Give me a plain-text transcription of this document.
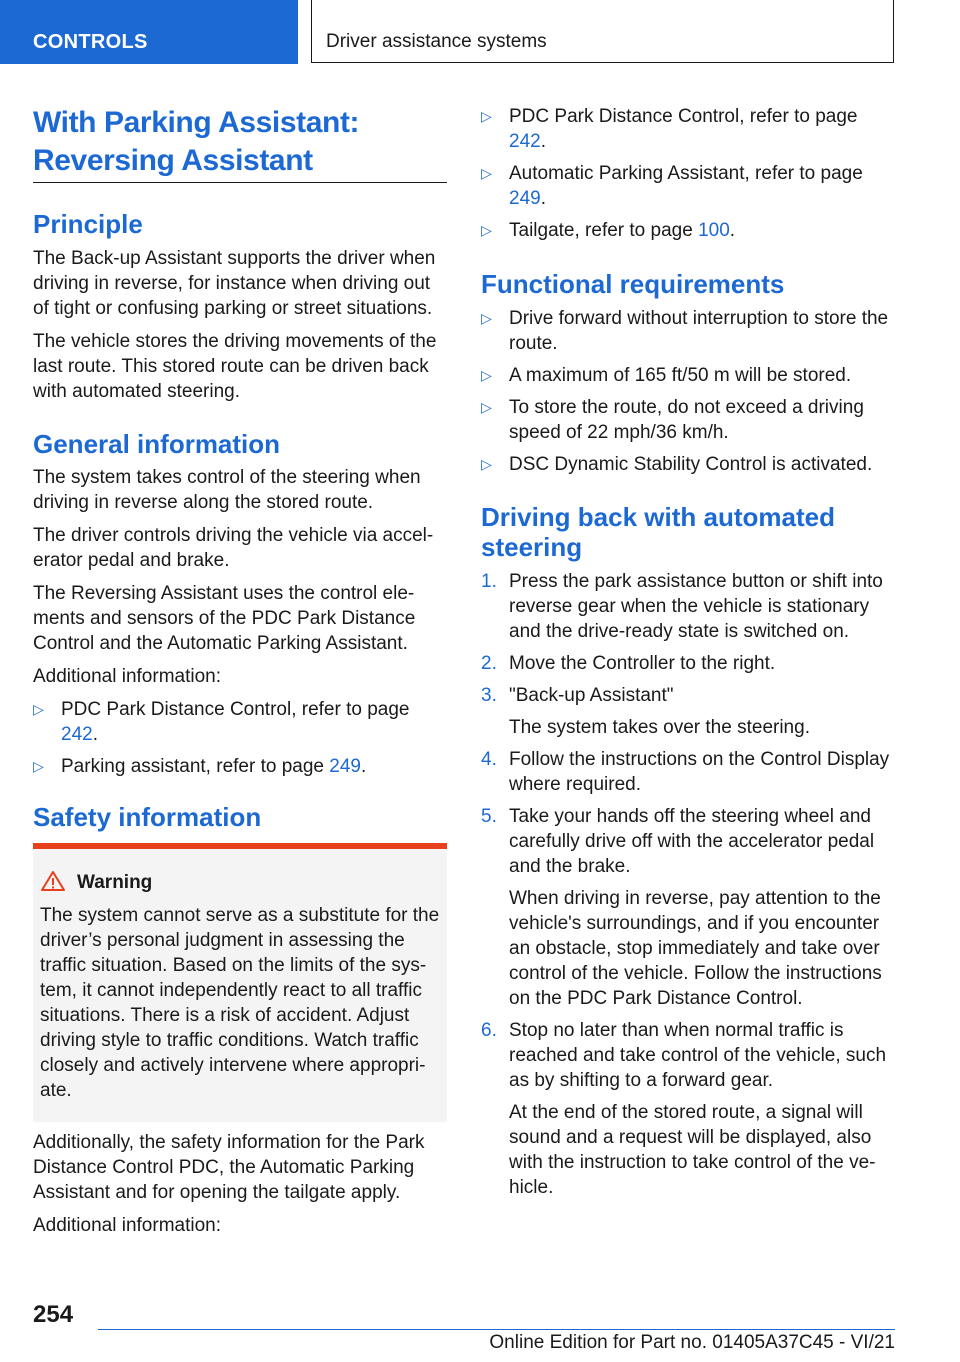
CONTROLS	Driver assistance systems
With Parking Assistant: Reversing Assistant
Principle

The Back-up Assistant supports the driver when driving in reverse, for instance when driving out of tight or confusing parking or street situations.

The vehicle stores the driving movements of the last route. This stored route can be driven back with automated steering.

General information

The system takes control of the steering when driving in reverse along the stored route.

The driver controls driving the vehicle via accelerator pedal and brake.

The Reversing Assistant uses the control elements and sensors of the PDC Park Distance Control and the Automatic Parking Assistant.

Additional information:

▷ PDC Park Distance Control, refer to page 242.
▷ Parking assistant, refer to page 249.
Safety information
Warning
The system cannot serve as a substitute for the driver’s personal judgment in assessing the traffic situation. Based on the limits of the system, it cannot independently react to all traffic situations. There is a risk of accident. Adjust driving style to traffic conditions. Watch traffic closely and actively intervene where appropriate.

Additionally, the safety information for the Park Distance Control PDC, the Automatic Parking Assistant and for opening the tailgate apply.

Additional information:

▷ PDC Park Distance Control, refer to page 242.
▷ Automatic Parking Assistant, refer to page 249.
▷ Tailgate, refer to page 100.
Functional requirements
▷ Drive forward without interruption to store the route.
▷ A maximum of 165 ft/50 m will be stored.
▷ To store the route, do not exceed a driving speed of 22 mph/36 km/h.
▷ DSC Dynamic Stability Control is activated.
Driving back with automated steering
1. Press the park assistance button or shift into reverse gear when the vehicle is stationary and the drive-ready state is switched on.
2. Move the Controller to the right.
3. "Back-up Assistant"
The system takes over the steering.
4. Follow the instructions on the Control Display where required.
5. Take your hands off the steering wheel and carefully drive off with the accelerator pedal and the brake.
When driving in reverse, pay attention to the vehicle's surroundings, and if you encounter an obstacle, stop immediately and take over control of the vehicle. Follow the instructions on the PDC Park Distance Control.
6. Stop no later than when normal traffic is reached and take control of the vehicle, such as by shifting to a forward gear.
At the end of the stored route, a signal will sound and a request will be displayed, also with the instruction to take control of the vehicle.
254
Online Edition for Part no. 01405A37C45 - VI/21
